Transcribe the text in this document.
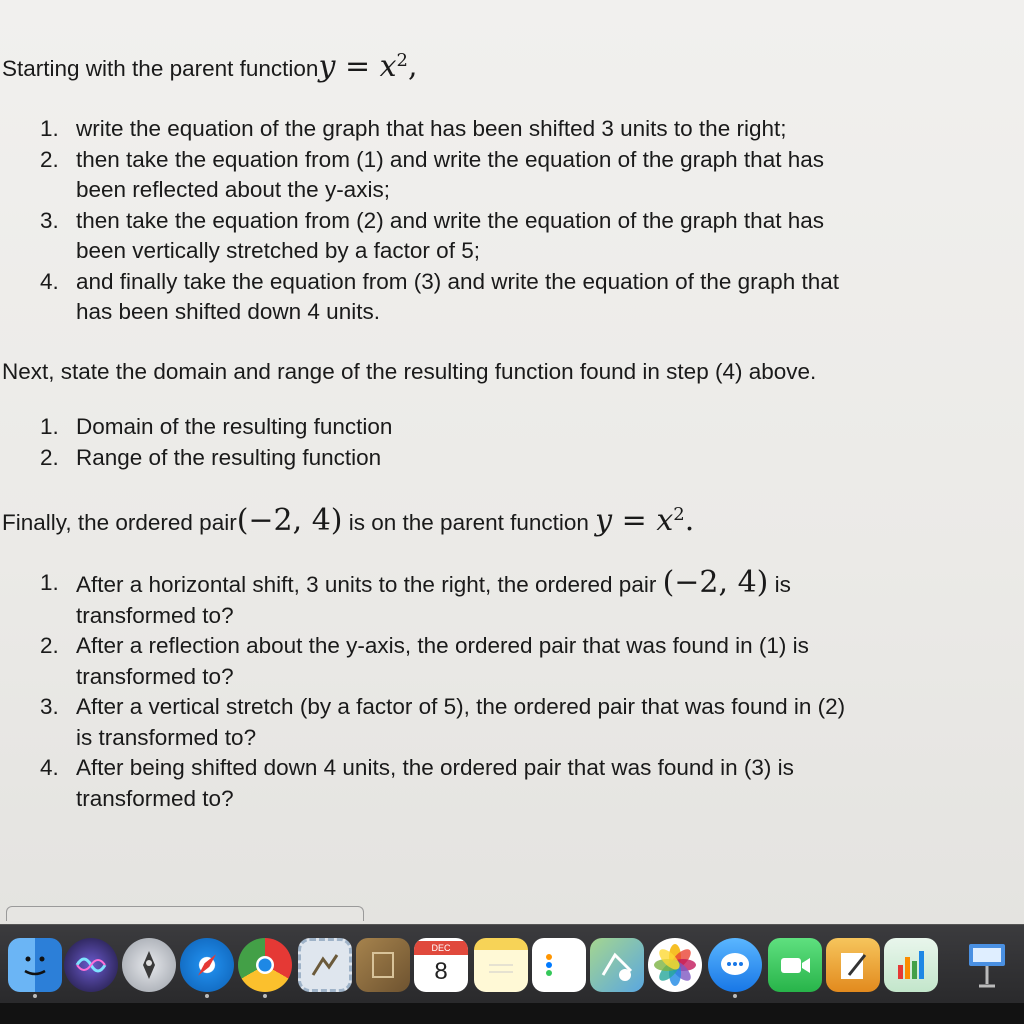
Starting with the parent functiony = $x^2$,
1. write the equation of the graph that has been shifted 3 units to the right;
2. then take the equation from (1) and write the equation of the graph that has
been reflected about the y-axis;
3. then take the equation from (2) and write the equation of the graph that has
been vertically stretched by a factor of 5;
4. and finally take the equation from (3) and write the equation of the graph that
has been shifted down 4 units.
Next, state the domain and range of the resulting function found in step (4) above.
1. Domain of the resulting function
2. Range of the resulting function
Finally, the ordered pair(−2, 4) is on the parent function $y = x^2$.
1. After a horizontal shift, 3 units to the right, the ordered pair (−2, 4) is
transformed to?
2. After a reflection about the y-axis, the ordered pair that was found in (1) is
transformed to?
3. After a vertical stretch (by a factor of 5), the ordered pair that was found in (2)
is transformed to?
4. After being shifted down 4 units, the ordered pair that was found in (3) is
transformed to?
DEC
8
